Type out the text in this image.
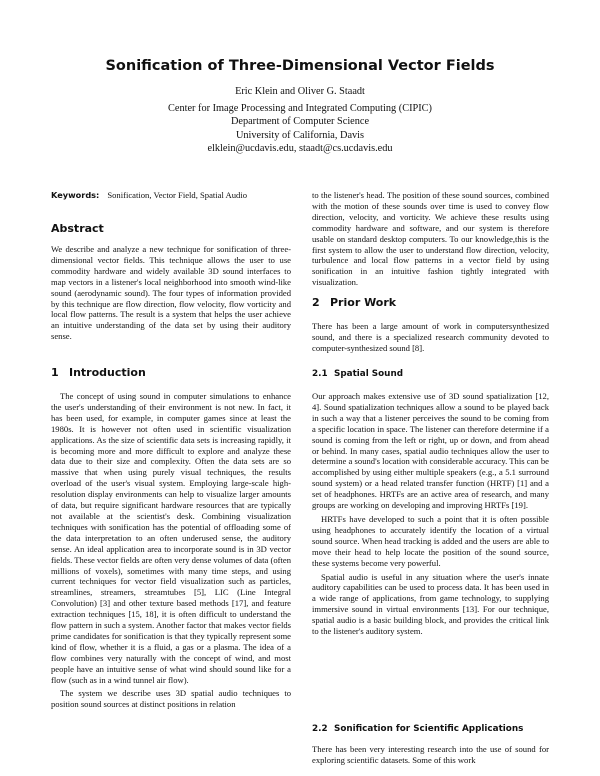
Sonification of Three-Dimensional Vector Fields
Eric Klein and Oliver G. Staadt
Center for Image Processing and Integrated Computing (CIPIC)
Department of Computer Science
University of California, Davis
elklein@ucdavis.edu, staadt@cs.ucdavis.edu
Keywords: Sonification, Vector Field, Spatial Audio
Abstract

We describe and analyze a new technique for sonification of three-dimensional vector fields. This technique allows the user to use commodity hardware and widely available 3D sound interfaces to map vectors in a listener's local neighborhood into smooth wind-like sound (aerodynamic sound). The four types of information provided by this technique are flow direction, flow velocity, flow vorticity and local flow patterns. The result is a system that helps the user achieve an intuitive understanding of the data set by using their auditory sense.

1 Introduction

The concept of using sound in computer simulations to enhance the user's understanding of their environment is not new. In fact, it has been used, for example, in computer games since at least the 1980s. It is however not often used in scientific visualization applications. As the size of scientific data sets is increasing rapidly, it is becoming more and more difficult to explore and analyze these data due to their size and complexity. Often the data sets are so massive that when using purely visual techniques, the results overload of the user's visual system. Employing large-scale high-resolution display environments can help to visualize larger amounts of data, but require significant hardware resources that are typically not available at the scientist's desk. Combining visualization techniques with sonification has the potential of offloading some of the data interpretation to an often underused sense, the auditory sense. An ideal application area to incorporate sound is in 3D vector fields. These vector fields are often very dense volumes of data (often millions of voxels), sometimes with many time steps, and using current techniques for vector field visualization such as particles, streamlines, streamers, streamtubes [5], LIC (Line Integral Convolution) [3] and other texture based methods [17], and feature extraction techniques [15, 18], it is often difficult to understand the flow pattern in such a system. Another factor that makes vector fields prime candidates for sonification is that they typically represent some kind of flow, whether it is a fluid, a gas or a plasma. The idea of a flow combines very naturally with the concept of wind, and most people have an intuitive sense of what wind should sound like for a flow (such as in a wind tunnel air flow).

The system we describe uses 3D spatial audio techniques to position sound sources at distinct positions in relation

to the listener's head. The position of these sound sources, combined with the motion of these sounds over time is used to convey flow direction, velocity, and vorticity. We achieve these results using commodity hardware and software, and our system is therefore usable on standard desktop computers. To our knowledge,this is the first system to allow the user to understand flow direction, velocity, turbulence and local flow patterns in a vector field by using sonification in an intuitive fashion tightly integrated with visualization.

2 Prior Work

There has been a large amount of work in computersynthesized sound, and there is a specialized research community devoted to computer-synthesized sound [8].

2.1 Spatial Sound

Our approach makes extensive use of 3D sound spatialization [12, 4]. Sound spatialization techniques allow a sound to be played back in such a way that a listener perceives the sound to be coming from a specific location in space. The listener can therefore determine if a sound is coming from the left or right, up or down, and from ahead or behind. In many cases, spatial audio techniques allow the user to determine a sound's location with considerable accuracy. This can be accomplished by using either multiple speakers (e.g., a 5.1 surround sound system) or a head related transfer function (HRTF) [1] and a set of headphones. HRTFs are an active area of research, and many groups are working on developing and improving HRTFs [19].

HRTFs have developed to such a point that it is often possible using headphones to accurately identify the location of a virtual sound source. When head tracking is added and the users are able to move their head to help locate the position of the sound source, these systems become very powerful.

Spatial audio is useful in any situation where the user's innate auditory capabilities can be used to process data. It has been used in a wide range of applications, from game technology, to supplying immersive sound in virtual environments [13]. For our technique, spatial audio is a basic building block, and provides the critical link to the listener's auditory system.

2.2 Sonification for Scientific Applications

There has been very interesting research into the use of sound for exploring scientific datasets. Some of this work
